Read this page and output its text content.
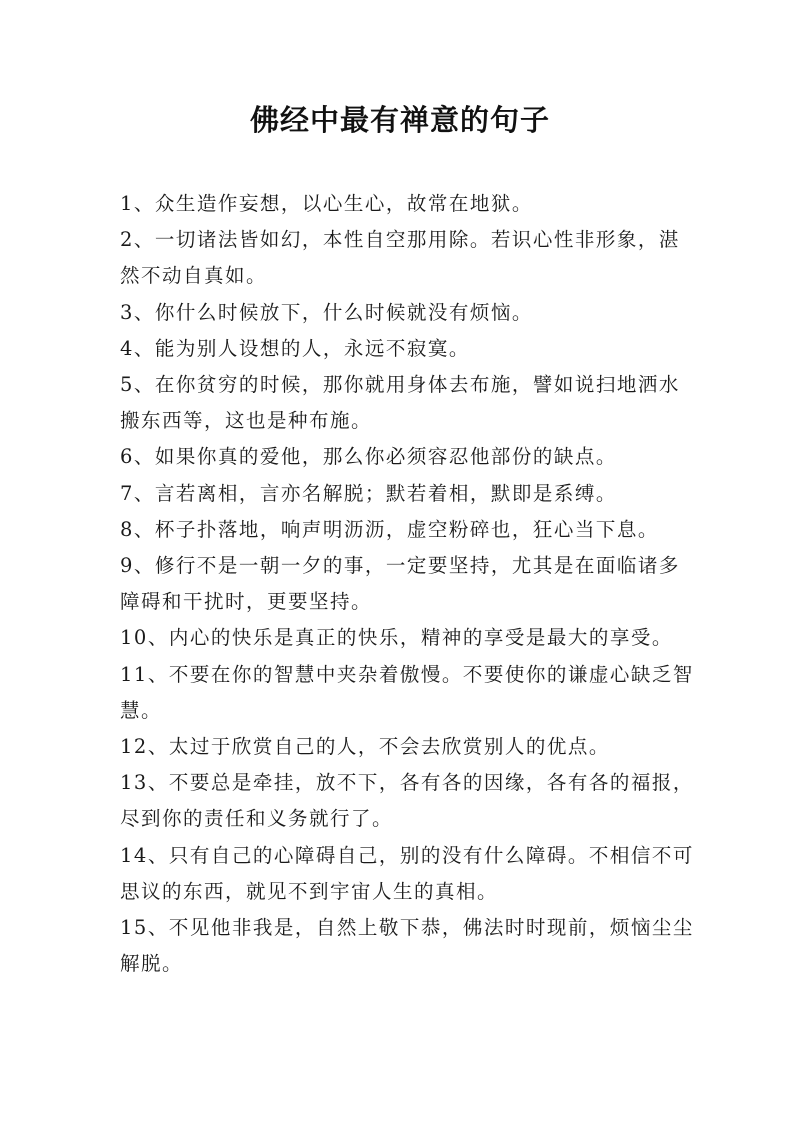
佛经中最有禅意的句子
1、众生造作妄想，以心生心，故常在地狱。
2、一切诸法皆如幻，本性自空那用除。若识心性非形象，湛然不动自真如。
3、你什么时候放下，什么时候就没有烦恼。
4、能为别人设想的人，永远不寂寞。
5、在你贫穷的时候，那你就用身体去布施，譬如说扫地洒水搬东西等，这也是种布施。
6、如果你真的爱他，那么你必须容忍他部份的缺点。
7、言若离相，言亦名解脱；默若着相，默即是系缚。
8、杯子扑落地，响声明沥沥，虚空粉碎也，狂心当下息。
9、修行不是一朝一夕的事，一定要坚持，尤其是在面临诸多障碍和干扰时，更要坚持。
10、内心的快乐是真正的快乐，精神的享受是最大的享受。
11、不要在你的智慧中夹杂着傲慢。不要使你的谦虚心缺乏智慧。
12、太过于欣赏自己的人，不会去欣赏别人的优点。
13、不要总是牵挂，放不下，各有各的因缘，各有各的福报，尽到你的责任和义务就行了。
14、只有自己的心障碍自己，别的没有什么障碍。不相信不可思议的东西，就见不到宇宙人生的真相。
15、不见他非我是，自然上敬下恭，佛法时时现前，烦恼尘尘解脱。
